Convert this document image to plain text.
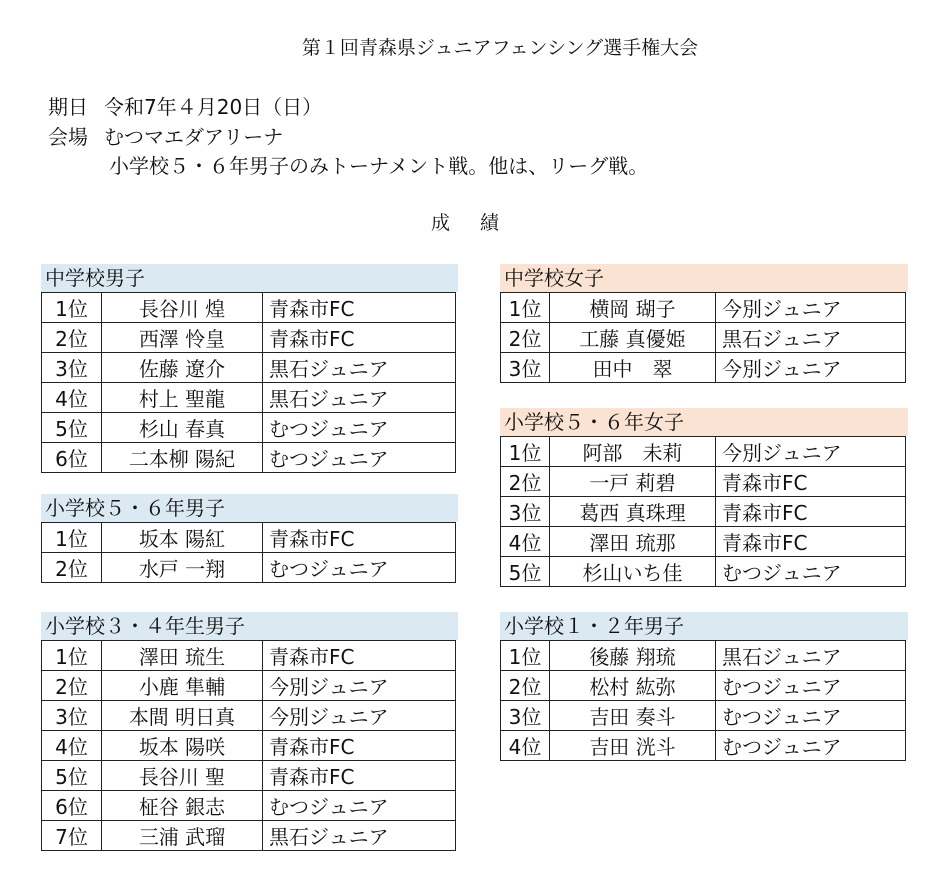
第１回青森県ジュニアフェンシング選手権大会
期日 令和7年４月20日（日）
会場 むつマエダアリーナ
小学校５・６年男子のみトーナメント戦。他は、リーグ戦。
成績
中学校男子
1位	長谷川 煌	青森市FC
2位	西澤 怜皇	青森市FC
3位	佐藤 遼介	黒石ジュニア
4位	村上 聖龍	黒石ジュニア
5位	杉山 春真	むつジュニア
6位	二本柳 陽紀	むつジュニア
小学校５・６年男子
1位	坂本 陽紅	青森市FC
2位	水戸 一翔	むつジュニア
小学校３・４年生男子
1位	澤田 琉生	青森市FC
2位	小鹿 隼輔	今別ジュニア
3位	本間 明日真	今別ジュニア
4位	坂本 陽咲	青森市FC
5位	長谷川 聖	青森市FC
6位	柾谷 銀志	むつジュニア
7位	三浦 武瑠	黒石ジュニア
中学校女子
1位	横岡 瑚子	今別ジュニア
2位	工藤 真優姫	黒石ジュニア
3位	田中　翠	今別ジュニア
小学校５・６年女子
1位	阿部　未莉	今別ジュニア
2位	一戸 莉碧	青森市FC
3位	葛西 真珠理	青森市FC
4位	澤田 琉那	青森市FC
5位	杉山いち佳	むつジュニア
小学校１・２年男子
1位	後藤 翔琉	黒石ジュニア
2位	松村 紘弥	むつジュニア
3位	吉田 奏斗	むつジュニア
4位	吉田 洸斗	むつジュニア
